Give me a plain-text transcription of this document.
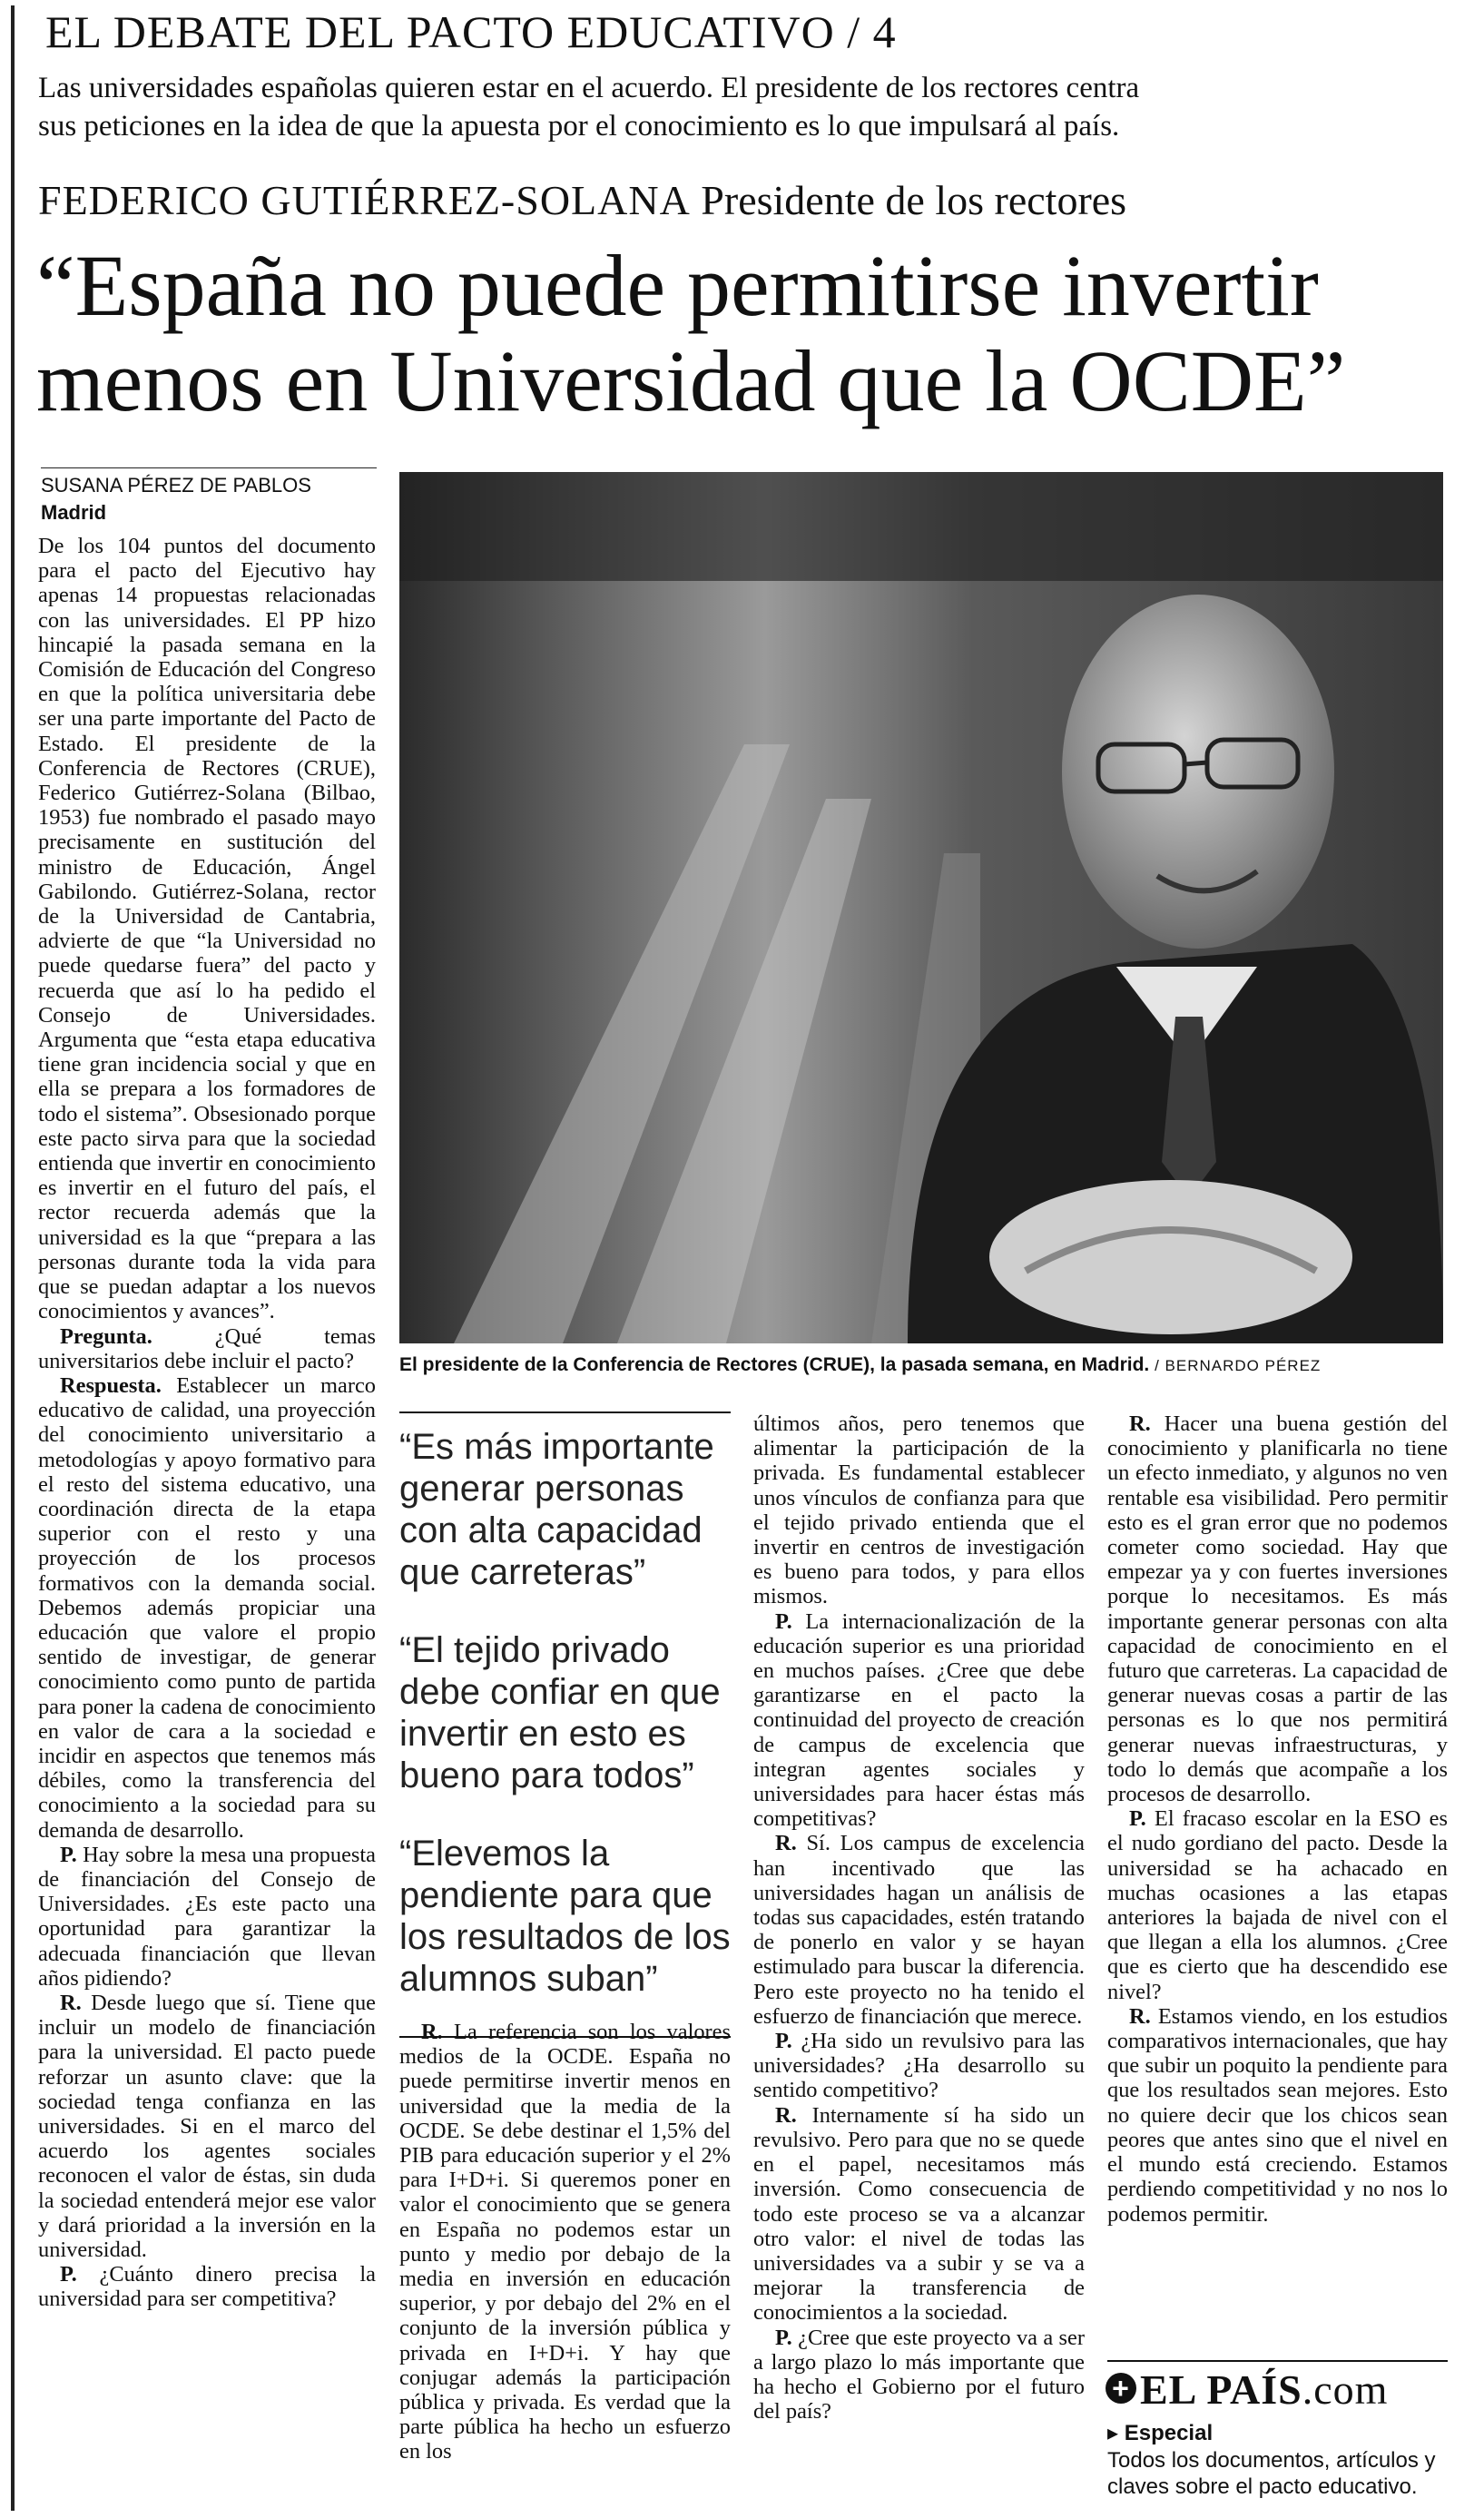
EL DEBATE DEL PACTO EDUCATIVO / 4
Las universidades españolas quieren estar en el acuerdo. El presidente de los rectores centra
sus peticiones en la idea de que la apuesta por el conocimiento es lo que impulsará al país.
FEDERICO GUTIÉRREZ-SOLANA Presidente de los rectores
“España no puede permitirse invertir
menos en Universidad que la OCDE”
SUSANA PÉREZ DE PABLOS
Madrid
El presidente de la Conferencia de Rectores (CRUE), la pasada semana, en Madrid. / BERNARDO PÉREZ

De los 104 puntos del documento para el pacto del Ejecutivo hay apenas 14 propuestas relacionadas con las universidades. El PP hizo hincapié la pasada semana en la Comisión de Educación del Congreso en que la política universitaria debe ser una parte importante del Pacto de Estado. El presidente de la Conferencia de Rectores (CRUE), Federico Gutiérrez-Solana (Bilbao, 1953) fue nombrado el pasado mayo precisamente en sustitución del ministro de Educación, Ángel Gabilondo. Gutiérrez-Solana, rector de la Universidad de Cantabria, advierte de que “la Universidad no puede quedarse fuera” del pacto y recuerda que así lo ha pedido el Consejo de Universidades. Argumenta que “esta etapa educativa tiene gran incidencia social y que en ella se prepara a los formadores de todo el sistema”. Obsesionado porque este pacto sirva para que la sociedad entienda que invertir en conocimiento es invertir en el futuro del país, el rector recuerda además que la universidad es la que “prepara a las personas durante toda la vida para que se puedan adaptar a los nuevos conocimientos y avances”.

Pregunta.	¿Qué temas universitarios debe incluir el pacto?

Respuesta. Establecer un marco educativo de calidad, una proyección del conocimiento universitario a metodologías y apoyo formativo para el resto del sistema educativo, una coordinación directa de la etapa superior con el resto y una proyección de los procesos formativos con la demanda social. Debemos además propiciar una educación que valore el propio sentido de investigar, de generar conocimiento como punto de partida para poner la cadena de conocimiento en valor de cara a la sociedad e incidir en aspectos que tenemos más débiles, como la transferencia del conocimiento a la sociedad para su demanda de desarrollo.

P. Hay sobre la mesa una propuesta de financiación del Consejo de Universidades. ¿Es este pacto una oportunidad para garantizar la adecuada financiación que llevan años pidiendo?

R. Desde luego que sí. Tiene que incluir un modelo de financiación para la universidad. El pacto puede reforzar un asunto clave: que la sociedad tenga confianza en las universidades. Si en el marco del acuerdo los agentes sociales reconocen el valor de éstas, sin duda la sociedad entenderá mejor ese valor y dará prioridad a la inversión en la universidad.

P. ¿Cuánto dinero precisa la universidad para ser competitiva?

“Es más importante generar personas con alta capacidad que carreteras”
“El tejido privado debe confiar en que invertir en esto es bueno para todos”
“Elevemos la pendiente para que los resultados de los alumnos suban”

R. La referencia son los valores medios de la OCDE. España no puede permitirse invertir menos en universidad que la media de la OCDE. Se debe destinar el 1,5% del PIB para educación superior y el 2% para I+D+i. Si queremos poner en valor el conocimiento que se genera en España no podemos estar un punto y medio por debajo de la media en inversión en educación superior, y por debajo del 2% en el conjunto de la inversión pública y privada en I+D+i. Y hay que conjugar además la participación pública y privada. Es verdad que la parte pública ha hecho un esfuerzo en los

últimos años, pero tenemos que alimentar la participación de la privada. Es fundamental establecer unos vínculos de confianza para que el tejido privado entienda que el invertir en centros de investigación es bueno para todos, y para ellos mismos.

P. La internacionalización de la educación superior es una prioridad en muchos países. ¿Cree que debe garantizarse en el pacto la continuidad del proyecto de creación de campus de excelencia que integran agentes sociales y universidades para hacer éstas más competitivas?

R. Sí. Los campus de excelencia han incentivado que las universidades hagan un análisis de todas sus capacidades, estén tratando de ponerlo en valor y se hayan estimulado para buscar la diferencia. Pero este proyecto no ha tenido el esfuerzo de financiación que merece.

P. ¿Ha sido un revulsivo para las universidades? ¿Ha desarrollo su sentido competitivo?

R. Internamente sí ha sido un revulsivo. Pero para que no se quede en el papel, necesitamos más inversión. Como consecuencia de todo este proceso se va a alcanzar otro valor: el nivel de todas las universidades va a subir y se va a mejorar la transferencia de conocimientos a la sociedad.

P. ¿Cree que este proyecto va a ser a largo plazo lo más importante que ha hecho el Gobierno por el futuro del país?

R. Hacer una buena gestión del conocimiento y planificarla no tiene un efecto inmediato, y algunos no ven rentable esa visibilidad. Pero permitir esto es el gran error que no podemos cometer como sociedad. Hay que empezar ya y con fuertes inversiones porque lo necesitamos. Es más importante generar personas con alta capacidad de conocimiento en el futuro que carreteras. La capacidad de generar nuevas cosas a partir de las personas es lo que nos permitirá generar nuevas infraestructuras, y todo lo demás que acompañe a los procesos de desarrollo.

P. El fracaso escolar en la ESO es el nudo gordiano del pacto. Desde la universidad se ha achacado en muchas ocasiones a las etapas anteriores la bajada de nivel con el que llegan a ella los alumnos. ¿Cree que es cierto que ha descendido ese nivel?

R. Estamos viendo, en los estudios comparativos internacionales, que hay que subir un poquito la pendiente para que los resultados sean mejores. Esto no quiere decir que los chicos sean peores que antes sino que el nivel en el mundo está creciendo. Estamos perdiendo competitividad y no nos lo podemos permitir.

+ EL PAÍS.com
▸ Especial
Todos los documentos, artículos y claves sobre el pacto educativo.
